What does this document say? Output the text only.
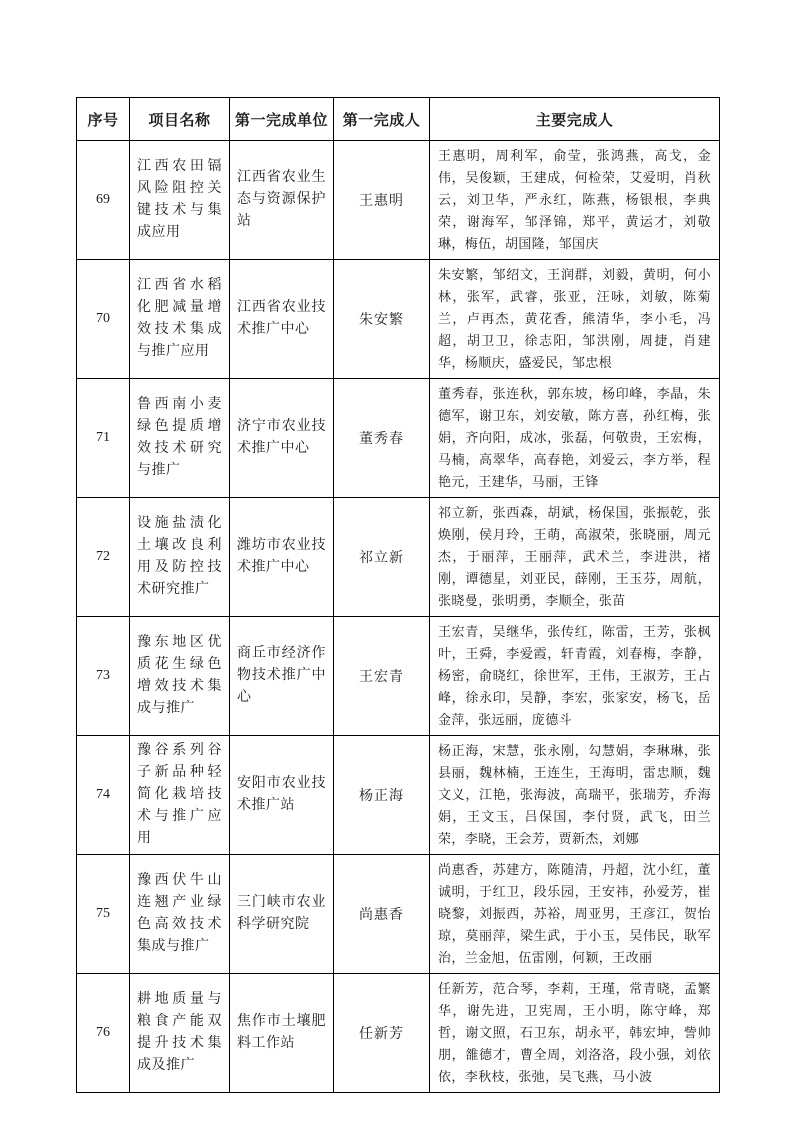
序号	项目名称	第一完成单位	第一完成人	主要完成人
69	江西农田镉风险阻控关键技术与集成应用	江西省农业生态与资源保护站	王惠明	王惠明，周利军，俞莹，张鸿燕，高戈，金伟，吴俊颖，王建成，何检荣，艾爱明，肖秋云，刘卫华，严永红，陈燕，杨银根，李典荣，谢海军，邹泽锦，郑平，黄运才，刘敬琳，梅伍，胡国隆，邹国庆
70	江西省水稻化肥减量增效技术集成与推广应用	江西省农业技术推广中心	朱安繁	朱安繁，邹绍文，王润群，刘毅，黄明，何小林，张军，武睿，张亚，汪咏，刘敏，陈菊兰，卢再杰，黄花香，熊清华，李小毛，冯超，胡卫卫，徐志阳，邹洪刚，周捷，肖建华，杨顺庆，盛爱民，邹忠根
71	鲁西南小麦绿色提质增效技术研究与推广	济宁市农业技术推广中心	董秀春	董秀春，张连秋，郭东坡，杨印峰，李晶，朱德军，谢卫东，刘安敏，陈方喜，孙红梅，张娟，齐向阳，成冰，张磊，何敬贵，王宏梅，马楠，高翠华，高春艳，刘爱云，李方举，程艳元，王建华，马丽，王锋
72	设施盐渍化土壤改良利用及防控技术研究推广	潍坊市农业技术推广中心	祁立新	祁立新，张西森，胡斌，杨保国，张振乾，张焕刚，侯月玲，王萌，高淑荣，张晓丽，周元杰，于丽萍，王丽萍，武术兰，李进洪，褚刚，谭德星，刘亚民，薛刚，王玉芬，周航，张晓曼，张明勇，李顺全，张苗
73	豫东地区优质花生绿色增效技术集成与推广	商丘市经济作物技术推广中心	王宏青	王宏青，吴继华，张传红，陈雷，王芳，张枫叶，王舜，李爱霞，轩青霞，刘春梅，李静，杨密，俞晓红，徐世军，王伟，王淑芳，王占峰，徐永印，吴静，李宏，张家安，杨飞，岳金萍，张远丽，庞德斗
74	豫谷系列谷子新品种轻简化栽培技术与推广应用	安阳市农业技术推广站	杨正海	杨正海，宋慧，张永刚，勾慧娟，李琳琳，张县丽，魏林楠，王连生，王海明，雷忠顺，魏文义，江艳，张海波，高瑞平，张瑞芳，乔海娟，王文玉，吕保国，李付贤，武飞，田兰荣，李晓，王会芳，贾新杰，刘娜
75	豫西伏牛山连翘产业绿色高效技术集成与推广	三门峡市农业科学研究院	尚惠香	尚惠香，苏建方，陈随清，丹超，沈小红，董诚明，于红卫，段乐园，王安祎，孙爱芳，崔晓黎，刘振西，苏裕，周亚男，王彦江，贺怡琼，莫丽萍，梁生武，于小玉，吴伟民，耿军治，兰金旭，伍雷刚，何颖，王改丽
76	耕地质量与粮食产能双提升技术集成及推广	焦作市土壤肥料工作站	任新芳	任新芳，范合琴，李莉，王瑾，常青晓，孟繁华，谢先进，卫宪周，王小明，陈守峰，郑哲，谢文照，石卫东，胡永平，韩宏坤，訾帅朋，雒德才，曹全周，刘洛洛，段小强，刘依依，李秋枝，张弛，吴飞燕，马小波
